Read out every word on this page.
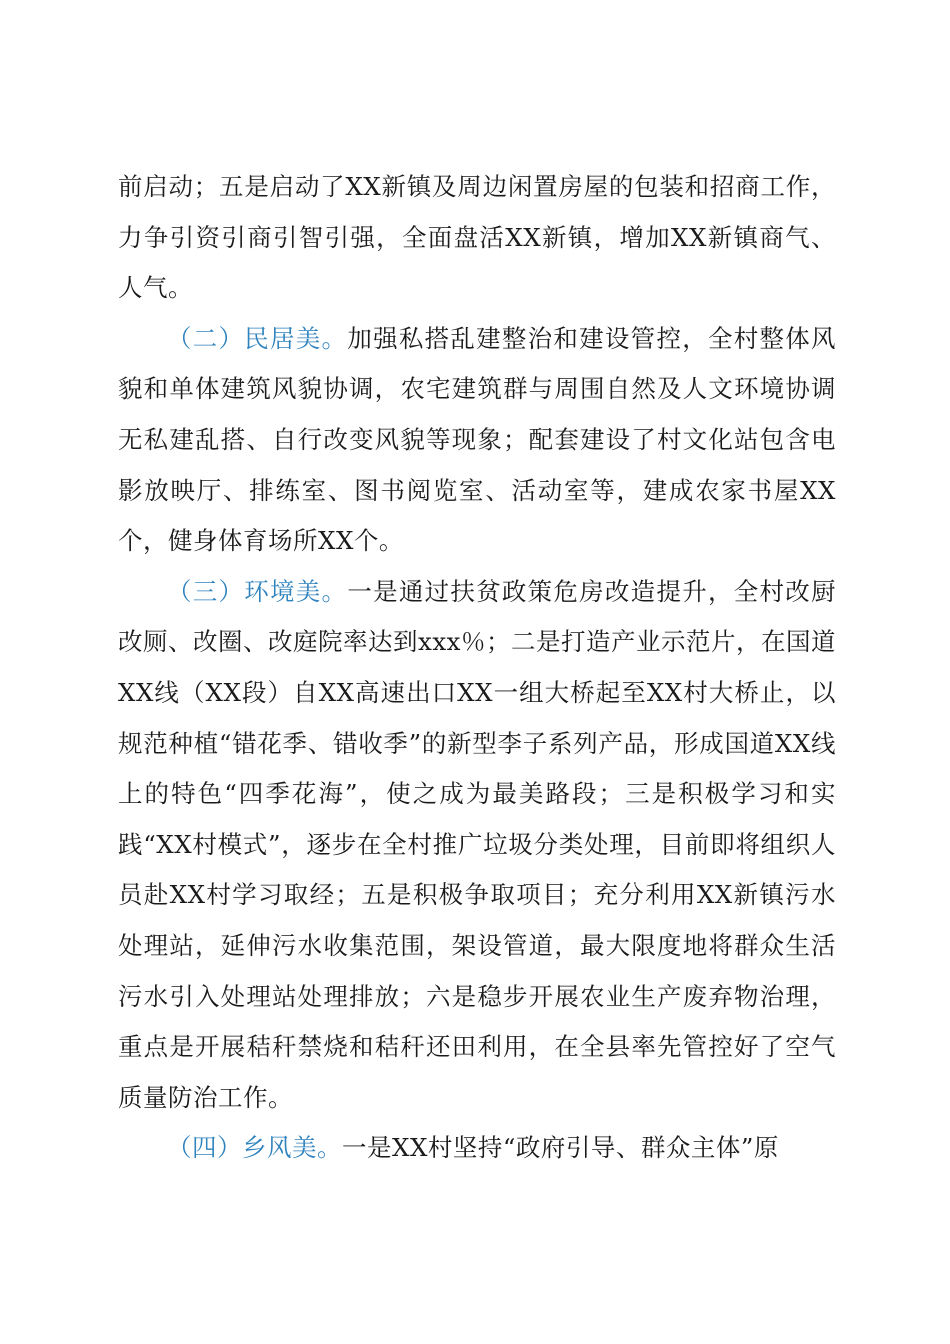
前启动；五是启动了XX新镇及周边闲置房屋的包装和招商工作，力争引资引商引智引强，全面盘活XX新镇，增加XX新镇商气、人气。

（二）民居美。加强私搭乱建整治和建设管控，全村整体风貌和单体建筑风貌协调，农宅建筑群与周围自然及人文环境协调无私建乱搭、自行改变风貌等现象；配套建设了村文化站包含电影放映厅、排练室、图书阅览室、活动室等，建成农家书屋XX个，健身体育场所XX个。

（三）环境美。一是通过扶贫政策危房改造提升，全村改厨改厕、改圈、改庭院率达到xxx％；二是打造产业示范片，在国道XX线（XX段）自XX高速出口XX一组大桥起至XX村大桥止，以规范种植“错花季、错收季”的新型李子系列产品，形成国道XX线上的特色“四季花海”，使之成为最美路段；三是积极学习和实践“XX村模式”，逐步在全村推广垃圾分类处理，目前即将组织人员赴XX村学习取经；五是积极争取项目；充分利用XX新镇污水处理站，延伸污水收集范围，架设管道，最大限度地将群众生活污水引入处理站处理排放；六是稳步开展农业生产废弃物治理，重点是开展秸秆禁烧和秸秆还田利用，在全县率先管控好了空气质量防治工作。

（四）乡风美。一是XX村坚持“政府引导、群众主体”原
